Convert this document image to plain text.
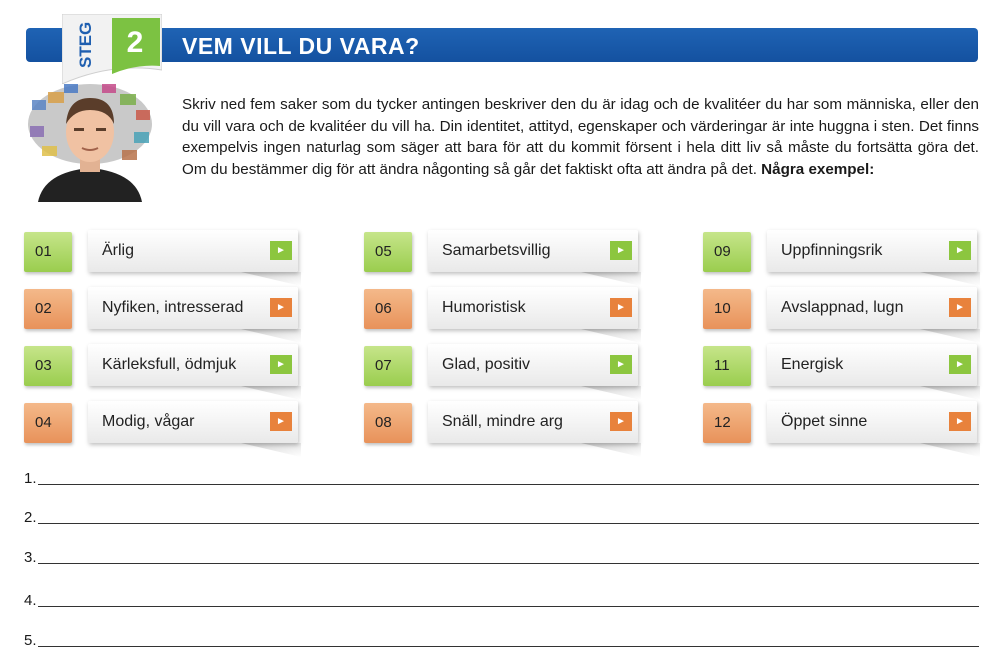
STEG	2	VEM VILL DU VARA?
Skriv ned fem saker som du tycker antingen beskriver den du är idag och de kvalitéer du har som människa, eller den du vill vara och de kvalitéer du vill ha. Din identitet, attityd, egenskaper och värderingar är inte huggna i sten. Det finns exempelvis ingen naturlag som säger att bara för att du kommit försent i hela ditt liv så måste du fortsätta göra det. Om du bestämmer dig för att ändra någonting så går det faktiskt ofta att ändra på det. Några exempel:
01	Ärlig	►
02	Nyfiken, intresserad	►
03	Kärleksfull, ödmjuk	►
04	Modig, vågar	►
05	Samarbetsvillig	►
06	Humoristisk	►
07	Glad, positiv	►
08	Snäll, mindre arg	►
09	Uppfinningsrik	►
10	Avslappnad, lugn	►
11	Energisk	►
12	Öppet sinne	►
1.
2.
3.
4.
5.
